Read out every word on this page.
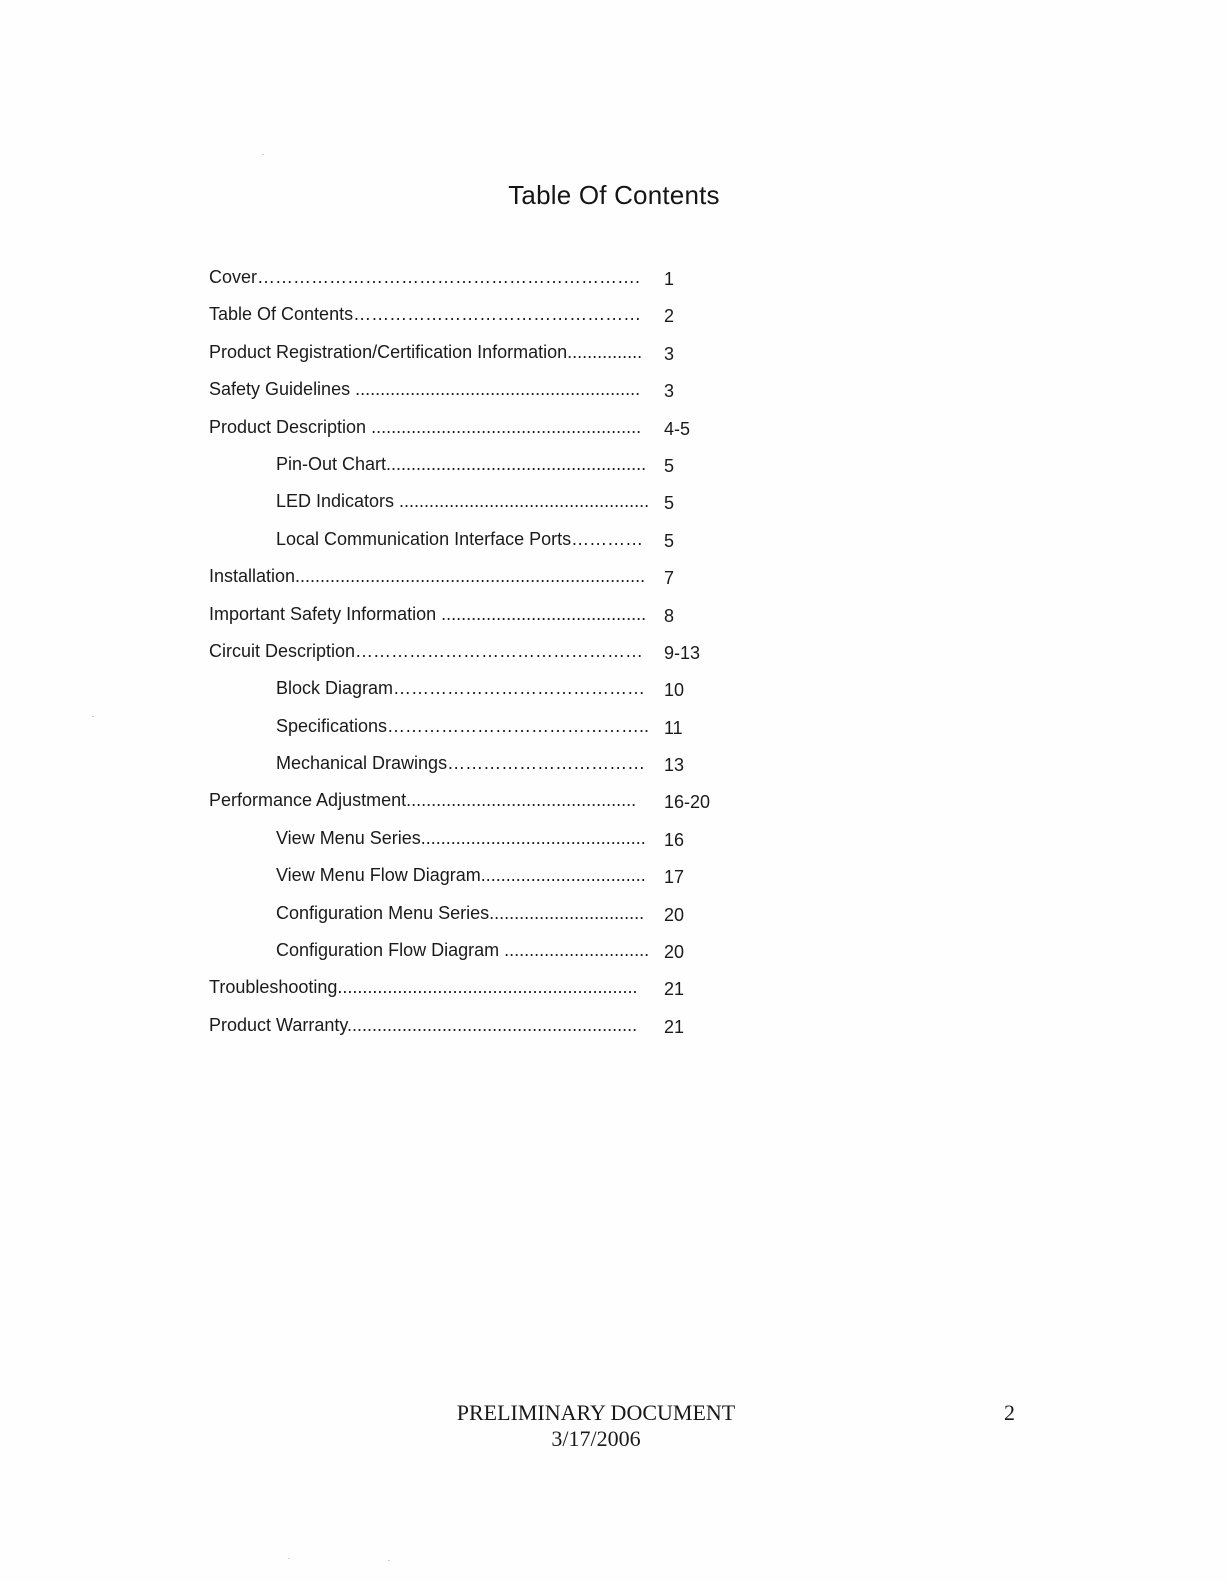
Table Of Contents
Cover………………………………………………………. 1
Table Of Contents………………………………………… 2
Product Registration/Certification Information............... 3
Safety Guidelines ......................................................... 3
Product Description ...................................................... 4-5
Pin-Out Chart.................................................... 5
LED Indicators .................................................. 5
Local Communication Interface Ports………… 5
Installation...................................................................... 7
Important Safety Information ......................................... 8
Circuit Description………………………………………… 9-13
Block Diagram…………………………………… 10
Specifications…………………………………….. 11
Mechanical Drawings…………………………… 13
Performance Adjustment.............................................. 16-20
View Menu Series............................................. 16
View Menu Flow Diagram................................. 17
Configuration Menu Series............................... 20
Configuration Flow Diagram ............................. 20
Troubleshooting............................................................ 21
Product Warranty.......................................................... 21
PRELIMINARY DOCUMENT
3/17/2006
2
